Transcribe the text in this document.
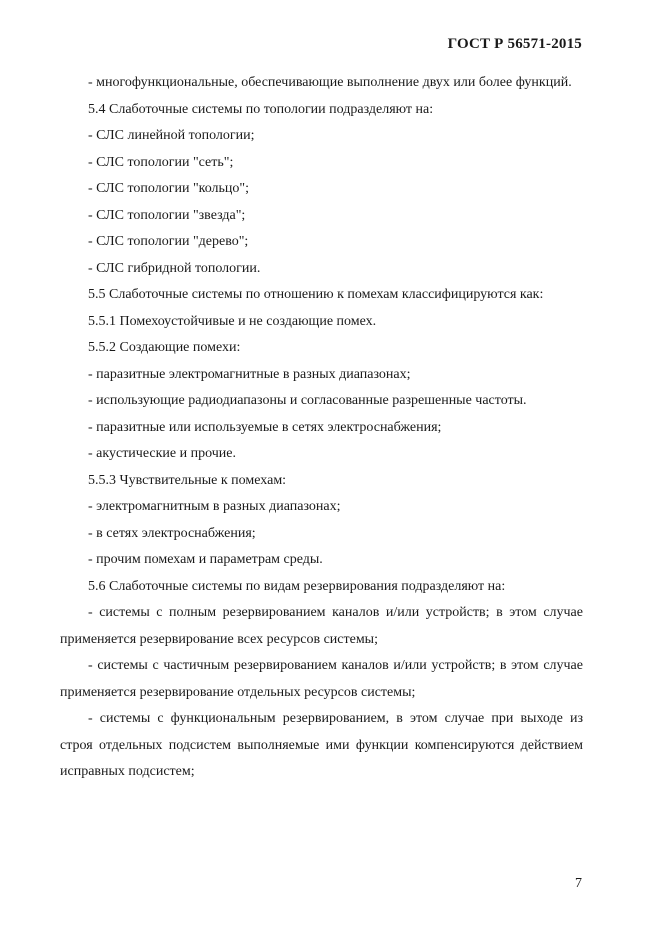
ГОСТ Р 56571-2015

- многофункциональные, обеспечивающие выполнение двух или более функций.

5.4 Слаботочные системы по топологии подразделяют на:

- СЛС линейной топологии;

- СЛС топологии "сеть";

- СЛС топологии "кольцо";

- СЛС топологии "звезда";

- СЛС топологии "дерево";

- СЛС гибридной топологии.

5.5 Слаботочные системы по отношению к помехам классифицируются как:

5.5.1 Помехоустойчивые и не создающие помех.

5.5.2 Создающие помехи:

- паразитные электромагнитные в разных диапазонах;

- использующие радиодиапазоны и согласованные разрешенные частоты.

- паразитные или используемые в сетях электроснабжения;

- акустические и прочие.

5.5.3 Чувствительные к помехам:

- электромагнитным в разных диапазонах;

- в сетях электроснабжения;

- прочим помехам и параметрам среды.

5.6 Слаботочные системы по видам резервирования подразделяют на:

- системы с полным резервированием каналов и/или устройств; в этом случае применяется резервирование всех ресурсов системы;

- системы с частичным резервированием каналов и/или устройств; в этом случае применяется резервирование отдельных ресурсов системы;

- системы с функциональным резервированием, в этом случае при выходе из строя отдельных подсистем выполняемые ими функции компенсируются действием исправных подсистем;

7
